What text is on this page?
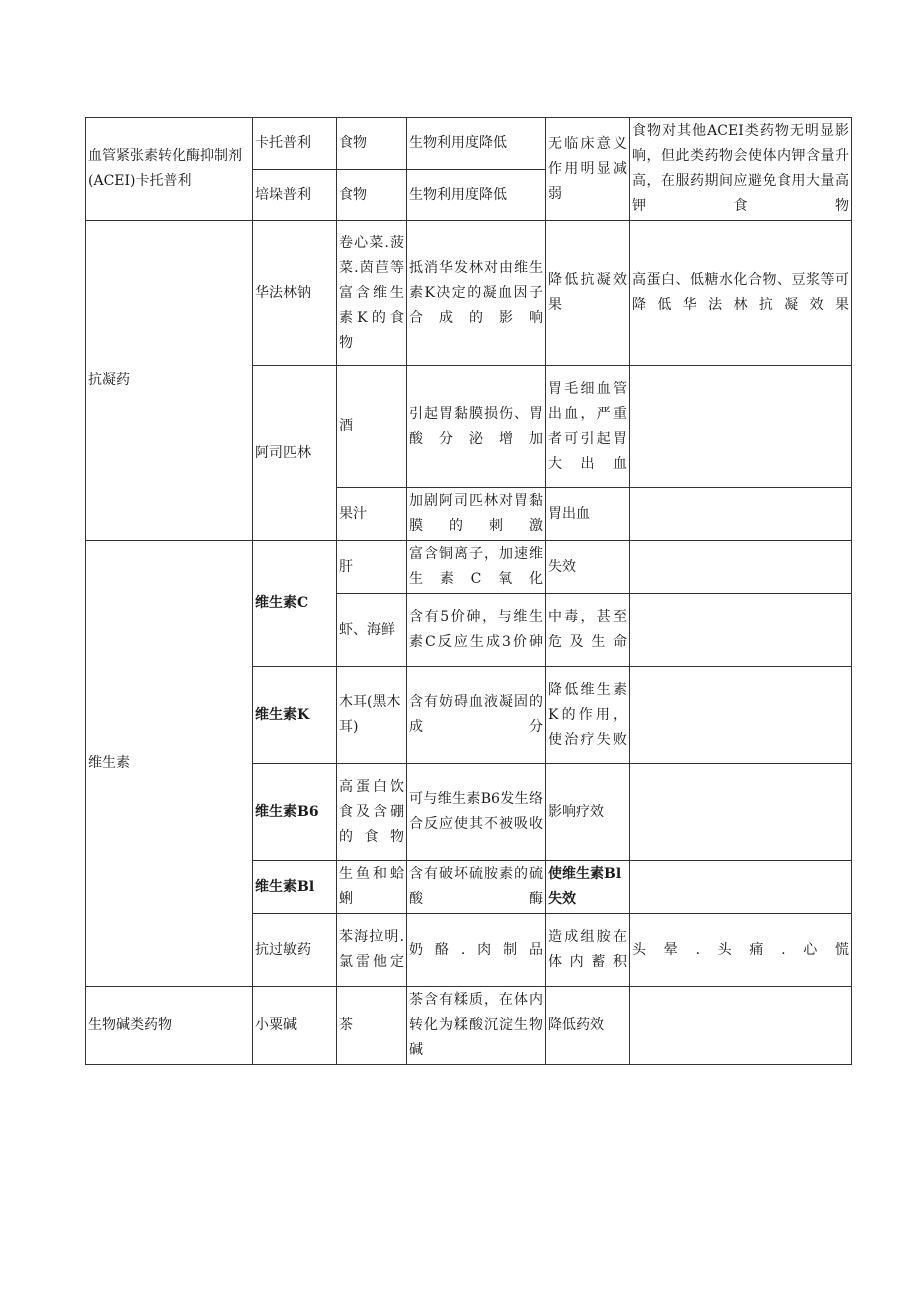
血管紧张素转化酶抑制剂(ACEI)卡托普利	卡托普利	食物	生物利用度降低	无临床意义作用明显减弱	食物对其他ACEI类药物无明显影响，但此类药物会使体内钾含量升高，在服药期间应避免食用大量高钾食物	
	培垛普利	食物	生物利用度降低			
抗凝药	华法林钠	卷心菜.菠菜.茵苣等富含维生素K的食物	抵消华发林对由维生素K决定的凝血因子合成的影响	降低抗凝效果	高蛋白、低糖水化合物、豆浆等可降低华法林抗凝效果	
	阿司匹林	酒	引起胃黏膜损伤、胃酸分泌增加	胃毛细血管出血，严重者可引起胃大出血		
		果汁	加剧阿司匹林对胃黏膜的刺激	胃出血		
维生素	维生素C	肝	富含铜离子，加速维生素C氧化	失效		
		虾、海鲜	含有5价砷，与维生素C反应生成3价砷	中毒，甚至危及生命		
	维生素K	木耳(黑木耳)	含有妨碍血液凝固的成分	降低维生素K的作用，使治疗失败		
	维生素B6	高蛋白饮食及含硼的食物	可与维生素B6发生络合反应使其不被吸收	影响疗效		
	维生素Bl	生鱼和蛤蜊	含有破坏硫胺素的硫酸酶	使维生素Bl失效		
	抗过敏药	苯海拉明.氯雷他定	奶酪.肉制品	造成组胺在体内蓄积	头晕.头痛.心慌	
生物碱类药物	小粟碱	茶	茶含有糅质，在体内转化为糅酸沉淀生物碱	降低药效		
